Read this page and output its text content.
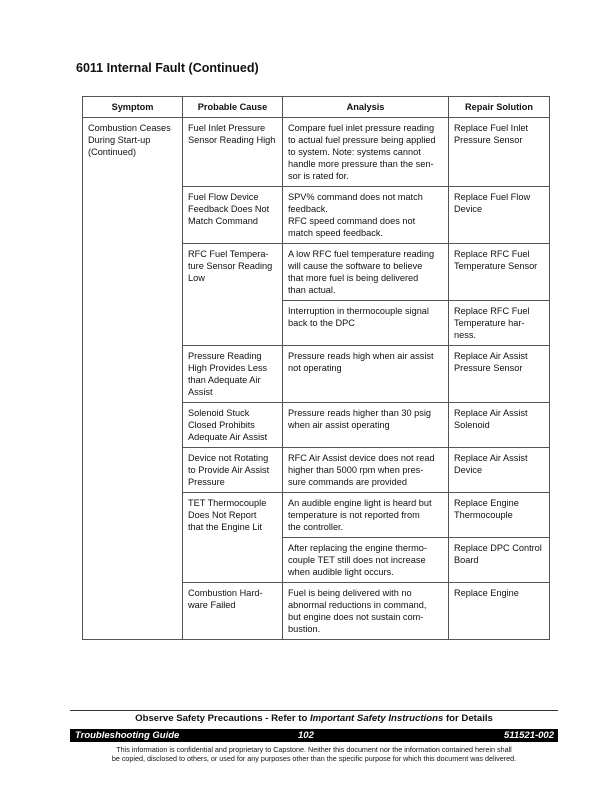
6011 Internal Fault (Continued)
Symptom	Probable Cause	Analysis	Repair Solution
Combustion Ceases
During Start-up
(Continued)	Fuel Inlet Pressure
Sensor Reading High	Compare fuel inlet pressure reading
to actual fuel pressure being applied
to system. Note: systems cannot
handle more pressure than the sen-
sor is rated for.	Replace Fuel Inlet
Pressure Sensor
	Fuel Flow Device
Feedback Does Not
Match Command	SPV% command does not match
feedback.
RFC speed command does not
match speed feedback.	Replace Fuel Flow
Device
	RFC Fuel Tempera-
ture Sensor Reading
Low	A low RFC fuel temperature reading
will cause the software to believe
that more fuel is being delivered
than actual.	Replace RFC Fuel
Temperature Sensor
		Interruption in thermocouple signal
back to the DPC	Replace RFC Fuel
Temperature har-
ness.
	Pressure Reading
High Provides Less
than Adequate Air
Assist	Pressure reads high when air assist
not operating	Replace Air Assist
Pressure Sensor
	Solenoid Stuck
Closed Prohibits
Adequate Air Assist	Pressure reads higher than 30 psig
when air assist operating	Replace Air Assist
Solenoid
	Device not Rotating
to Provide Air Assist
Pressure	RFC Air Assist device does not read
higher than 5000 rpm when pres-
sure commands are provided	Replace Air Assist
Device
	TET Thermocouple
Does Not Report
that the Engine Lit	An audible engine light is heard but
temperature is not reported from
the controller.	Replace Engine
Thermocouple
		After replacing the engine thermo-
couple TET still does not increase
when audible light occurs.	Replace DPC Control
Board
	Combustion Hard-
ware Failed	Fuel is being delivered with no
abnormal reductions in command,
but engine does not sustain com-
bustion.	Replace Engine
Observe Safety Precautions - Refer to Important Safety Instructions for Details
Troubleshooting Guide	102	511521-002
This information is confidential and proprietary to Capstone. Neither this document nor the information contained herein shall
be copied, disclosed to others, or used for any purposes other than the specific purpose for which this document was delivered.
